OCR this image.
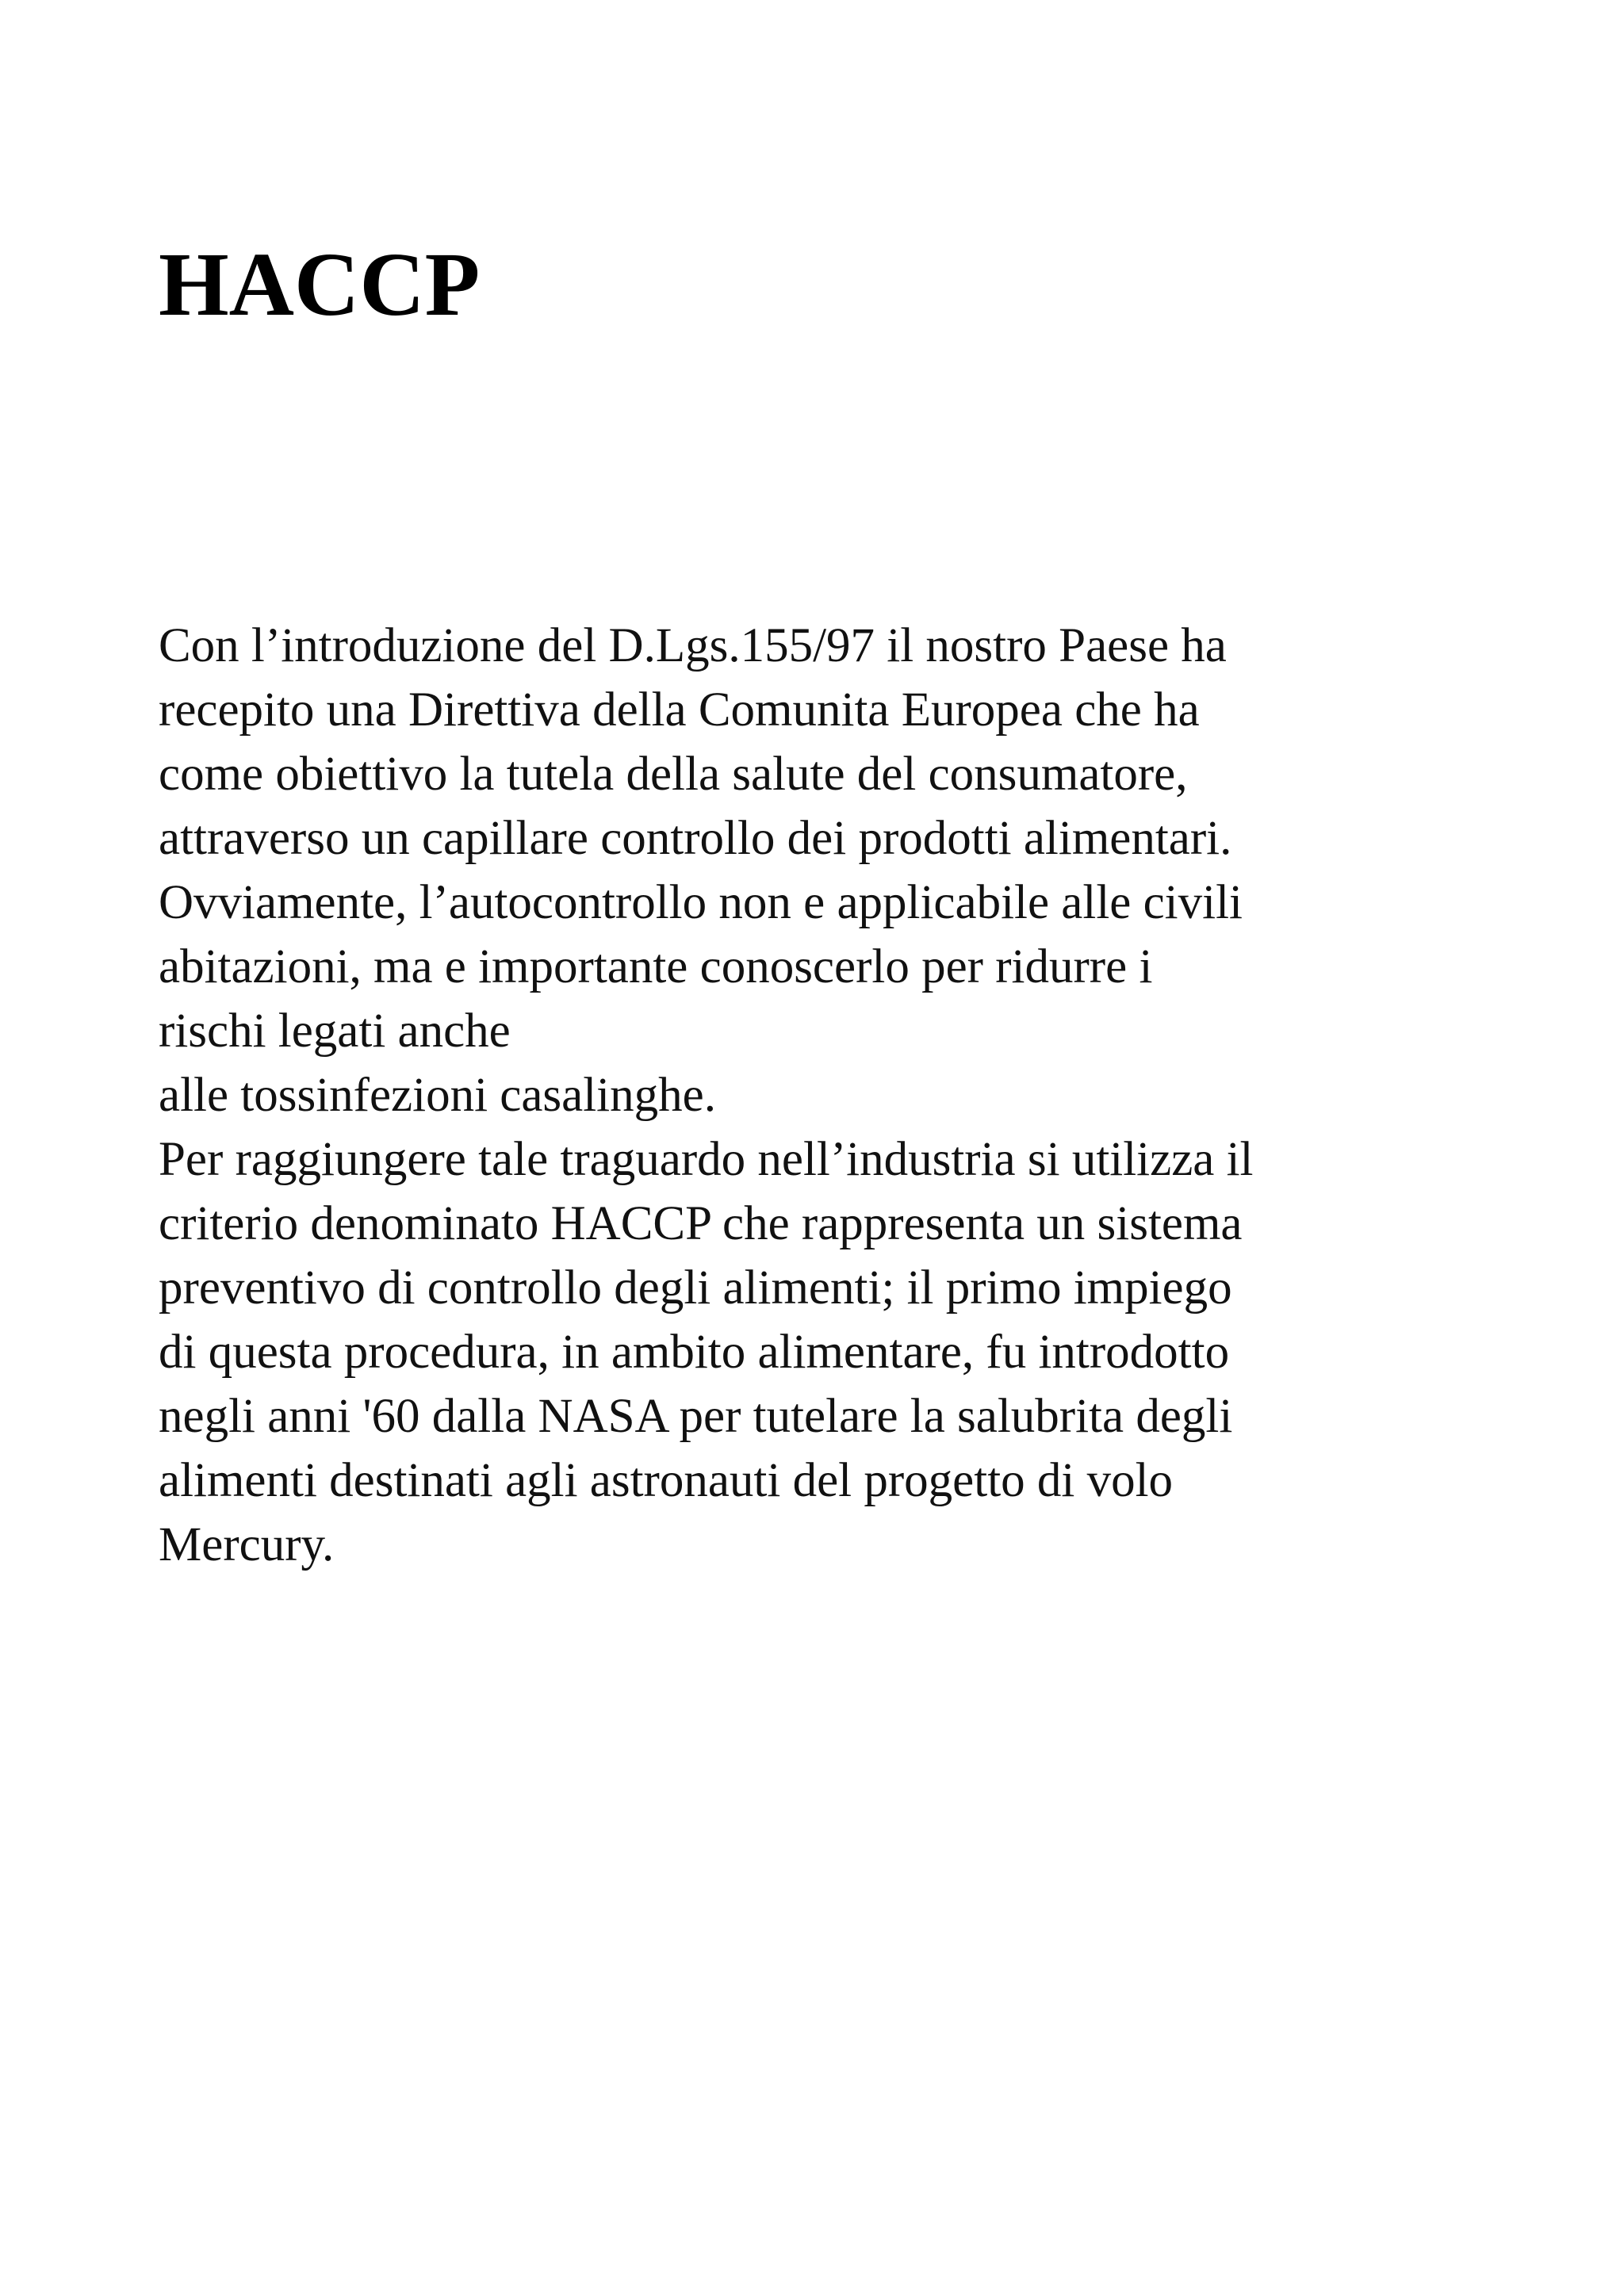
HACCP
Con l’introduzione del D.Lgs.155/97 il nostro Paese ha
recepito una Direttiva della Comunita Europea che ha
come obiettivo la tutela della salute del consumatore,
attraverso un capillare controllo dei prodotti alimentari.
Ovviamente, l’autocontrollo non e applicabile alle civili
abitazioni, ma e importante conoscerlo per ridurre i
rischi legati anche
alle tossinfezioni casalinghe.
Per raggiungere tale traguardo nell’industria si utilizza il
criterio denominato HACCP che rappresenta un sistema
preventivo di controllo degli alimenti; il primo impiego
di questa procedura, in ambito alimentare, fu introdotto
negli anni '60 dalla NASA per tutelare la salubrita degli
alimenti destinati agli astronauti del progetto di volo
Mercury.
